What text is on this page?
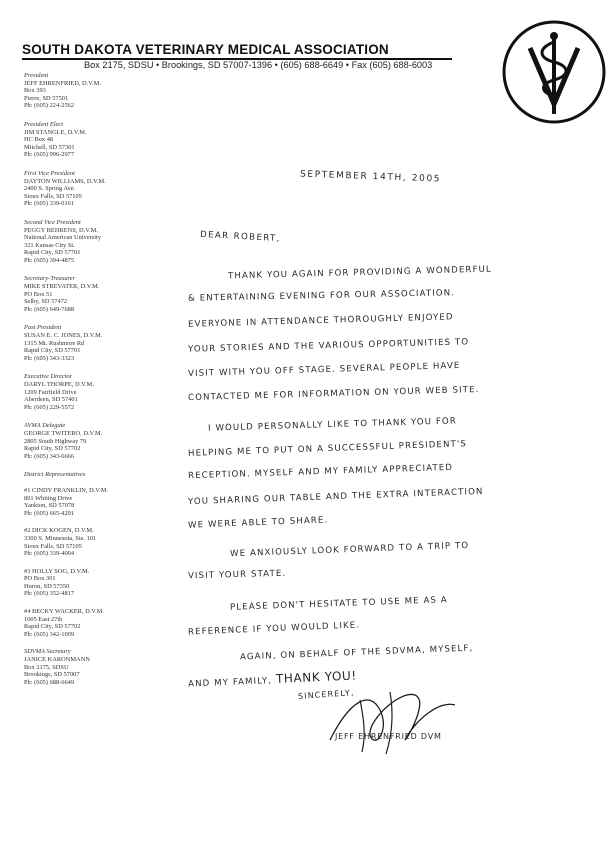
SOUTH DAKOTA VETERINARY MEDICAL ASSOCIATION
Box 2175, SDSU • Brookings, SD 57007-1396 • (605) 688-6649 • Fax (605) 688-6003
President
JEFF EHRENFRIED, D.V.M.
Box 393
Pierre, SD 57501
Ph: (605) 224-2562
President Elect
JIM STANGLE, D.V.M.
HC Box 48
Mitchell, SD 57301
Ph: (605) 996-2977
First Vice President
DAYTON WILLIAMS, D.V.M.
2400 S. Spring Ave.
Sioux Falls, SD 57105
Ph: (605) 339-0161
Second Vice President
PEGGY BEHRENS, D.V.M.
National American University
321 Kansas City St.
Rapid City, SD 57701
Ph: (605) 394-4875
Secretary-Treasurer
MIKE STREVATER, D.V.M.
PO Box 51
Selby, SD 57472
Ph: (605) 649-7688
Past President
SUSAN E. C. JONES, D.V.M.
1315 Mt. Rushmore Rd
Rapid City, SD 57701
Ph: (605) 343-3323
Executive Director
DARYL THORPE, D.V.M.
1209 Fairfield Drive
Aberdeen, SD 57401
Ph: (605) 229-5572
AVMA Delegate
GEORGE TWITERO, D.V.M.
2805 South Highway 79
Rapid City, SD 57702
Ph: (605) 343-6666
District Representatives
#1 CINDY FRANKLIN, D.V.M.
801 Whiting Drive
Yankton, SD 57078
Ph: (605) 665-4291
#2 DICK KOGEN, D.V.M.
3300 S. Minnesota, Ste. 101
Sioux Falls, SD 57105
Ph: (605) 339-4004
#3 HOLLY SOG, D.V.M.
PO Box 301
Huron, SD 57350
Ph: (605) 352-4817
#4 BECKY WACKER, D.V.M.
1005 East 27th
Rapid City, SD 57702
Ph: (605) 342-1009
SDVMA Secretary
JANICE KARONMANN
Box 2175, SDSU
Brookings, SD 57007
Ph: (605) 688-6649
SEPTEMBER 14TH, 2005
DEAR ROBERT,
THANK YOU AGAIN FOR PROVIDING A WONDERFUL
& ENTERTAINING EVENING FOR OUR ASSOCIATION.
EVERYONE IN ATTENDANCE THOROUGHLY ENJOYED
YOUR STORIES AND THE VARIOUS OPPORTUNITIES TO
VISIT WITH YOU OFF STAGE. SEVERAL PEOPLE HAVE
CONTACTED ME FOR INFORMATION ON YOUR WEB SITE.
I WOULD PERSONALLY LIKE TO THANK YOU FOR
HELPING ME TO PUT ON A SUCCESSFUL PRESIDENT'S
RECEPTION. MYSELF AND MY FAMILY APPRECIATED
YOU SHARING OUR TABLE AND THE EXTRA INTERACTION
WE WERE ABLE TO SHARE.
WE ANXIOUSLY LOOK FORWARD TO A TRIP TO
VISIT YOUR STATE.
PLEASE DON'T HESITATE TO USE ME AS A
REFERENCE IF YOU WOULD LIKE.
AGAIN, ON BEHALF OF THE SDVMA, MYSELF,
AND MY FAMILY, THANK YOU!
SINCERELY,
JEFF EHRENFRIED DVM
